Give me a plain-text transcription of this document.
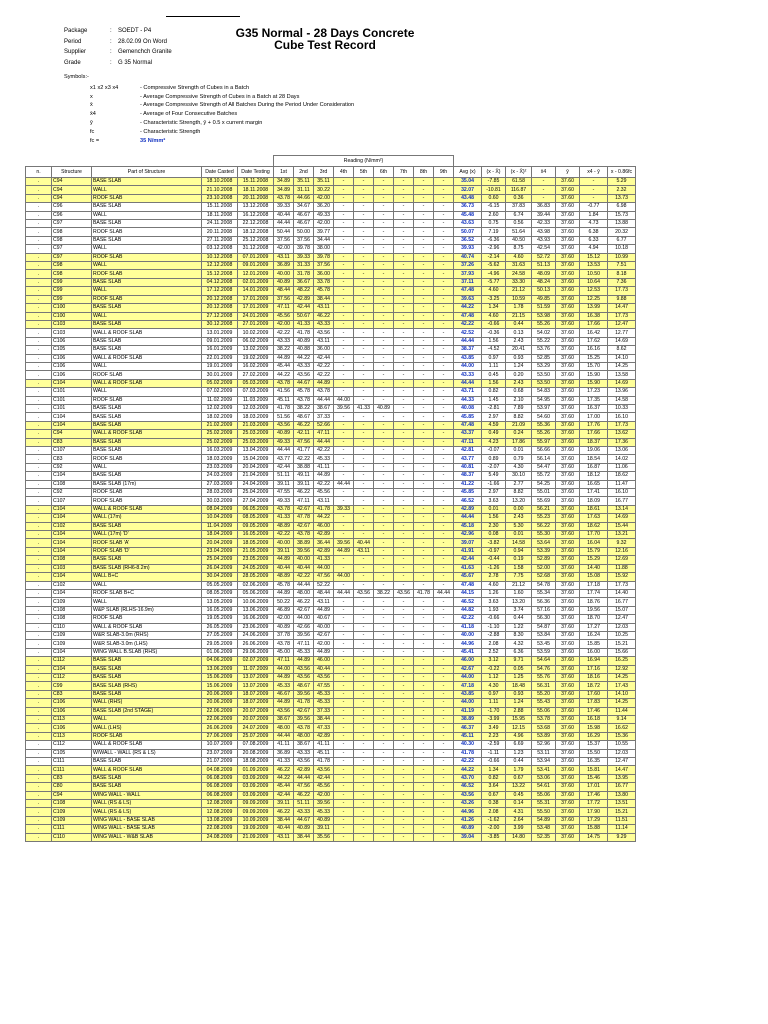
Package	:	SOEDT - P4
Period	:	28.02.09 On Word
Supplier	:	Gemenchch Granite
Grade	:	G 35 Normal
G35 Normal - 28 Days Concrete
Cube Test Record
Symbols:-
x1 x2 x3 x4	- Compressive Strength of Cubes in a Batch
x	- Average Compressive Strength of Cubes in a Batch at 28 Days
x̄	- Average Compressive Strength of All Batches During the Period Under Consideration
x̄4	- Average of Four Consecutive Batches
ŷ	- Characteristic Strength, ŷ + 0.5 x current margin
fc	- Characteristic Strength
fc =	35 N/mm²
					Reading (N/mm²)															
n.	Structure	Part of Structure	Date Casted	Date Testing	1st	2nd	3rd	4th	5th	6th	7th	8th	9th	Avg (x)	(x - X̄)	(x - X̄)²	x̄4	ŷ	x4 - ŷ	x - 0.86fc
.	C94	BASE SLAB	18.10.2008	15.11.2008	34.89	35.11	35.11	-	-	-	-	-	-	35.04	-7.85	61.58	-	37.60	-	5.29
.	C94	WALL	21.10.2008	18.11.2008	34.89	31.11	30.22	-	-	-	-	-	-	32.07	-10.81	116.87	-	37.60	-	2.32
.	C94	ROOF SLAB	23.10.2008	20.11.2008	43.78	44.66	42.00	-	-	-	-	-	-	43.48	0.60	0.36	-	37.60	-	13.73
.	C96	BASE SLAB	15.11.2008	13.12.2008	39.33	34.67	36.20	-	-	-	-	-	-	36.73	-6.15	37.83	36.83	37.60	-0.77	6.98
.	C96	WALL	18.11.2008	16.12.2008	40.44	46.67	49.33	-	-	-	-	-	-	45.48	2.60	6.74	39.44	37.60	1.84	15.73
.	C97	BASE SLAB	24.11.2008	22.12.2008	44.44	46.67	42.00	-	-	-	-	-	-	43.63	0.75	0.56	42.33	37.60	4.73	13.88
.	C98	ROOF SLAB	20.11.2008	18.12.2008	50.44	50.00	39.77	-	-	-	-	-	-	50.07	7.19	51.64	43.98	37.60	6.38	20.32
.	C98	BASE SLAB	27.11.2008	25.12.2008	37.56	37.56	34.44	-	-	-	-	-	-	36.52	-6.36	40.50	43.93	37.60	6.33	6.77
.	C97	WALL	03.12.2008	31.12.2008	42.00	39.78	38.00	-	-	-	-	-	-	39.93	-2.96	8.75	42.54	37.60	4.94	10.18
.	C97	ROOF SLAB	10.12.2008	07.01.2009	43.11	39.33	39.78	-	-	-	-	-	-	40.74	-2.14	4.60	52.72	37.60	15.12	10.99
.	C98	WALL	12.12.2008	09.01.2009	36.89	31.33	37.56	-	-	-	-	-	-	37.26	-5.62	31.63	51.13	37.60	13.53	7.51
.	C98	ROOF SLAB	15.12.2008	12.01.2009	40.00	31.78	36.00	-	-	-	-	-	-	37.93	-4.96	24.58	48.09	37.60	10.50	8.18
.	C99	BASE SLAB	04.12.2008	02.01.2009	40.89	36.67	33.78	-	-	-	-	-	-	37.11	-5.77	33.30	48.24	37.60	10.64	7.36
.	C99	WALL	17.12.2008	14.01.2009	48.44	48.22	45.78	-	-	-	-	-	-	47.48	4.60	21.12	50.13	37.60	12.53	17.73
.	C99	ROOF SLAB	20.12.2008	17.01.2009	37.56	42.89	38.44	-	-	-	-	-	-	39.63	-3.25	10.59	49.85	37.60	12.25	9.88
.	C100	BASE SLAB	20.12.2008	17.01.2009	47.11	42.44	43.11	-	-	-	-	-	-	44.22	1.34	1.78	51.59	37.60	13.99	14.47
.	C100	WALL	27.12.2008	24.01.2009	45.56	50.67	46.22	-	-	-	-	-	-	47.48	4.60	21.15	53.98	37.60	16.38	17.73
.	C103	BASE SLAB	30.12.2008	27.01.2009	42.00	41.33	43.33	-	-	-	-	-	-	42.22	-0.66	0.44	55.26	37.60	17.66	12.47
.	C103	WALL & ROOF SLAB	13.01.2009	10.02.2009	42.22	41.78	43.56	-	-	-	-	-	-	42.52	-0.36	0.13	54.02	37.60	16.42	12.77
.	C106	BASE SLAB	09.01.2009	06.02.2009	43.33	40.89	43.11	-	-	-	-	-	-	44.44	1.56	2.43	55.22	37.60	17.62	14.69
.	C105	BASE SLAB	16.01.2009	13.02.2009	38.22	40.88	36.00	-	-	-	-	-	-	38.37	-4.52	20.41	53.76	37.60	16.16	8.62
.	C106	WALL & ROOF SLAB	22.01.2009	19.02.2009	44.89	44.22	42.44	-	-	-	-	-	-	43.85	0.97	0.93	52.85	37.60	15.25	14.10
.	C106	WALL	19.01.2009	16.02.2009	45.44	43.33	42.22	-	-	-	-	-	-	44.00	1.11	1.24	53.29	37.60	15.70	14.25
.	C106	ROOF SLAB	30.01.2009	27.02.2009	44.22	43.56	42.22	-	-	-	-	-	-	43.33	0.45	0.20	53.50	37.60	15.90	13.58
.	C104	WALL & ROOF SLAB	05.02.2009	05.03.2009	43.78	44.67	44.89	-	-	-	-	-	-	44.44	1.56	2.43	53.50	37.60	15.90	14.69
.	C101	WALL	07.02.2009	07.03.2009	41.56	45.78	43.78	-	-	-	-	-	-	43.71	0.82	0.68	54.83	37.60	17.23	13.96
.	C101	ROOF SLAB	11.02.2009	11.03.2009	45.11	43.78	44.44	44.00	-	-	-	-	-	44.33	1.45	2.10	54.95	37.60	17.35	14.58
.	C101	BASE SLAB	12.02.2009	12.03.2009	41.78	38.22	38.67	39.56	41.33	40.89	-	-	-	40.08	-2.81	7.89	53.97	37.60	16.37	10.33
.	C104	BASE SLAB	18.02.2009	18.03.2009	51.56	48.67	37.33	-	-	-	-	-	-	45.85	2.97	8.82	54.60	37.60	17.00	16.10
.	C104	BASE SLAB	21.02.2009	21.03.2009	43.56	46.22	52.66	-	-	-	-	-	-	47.48	4.59	21.09	55.36	37.60	17.76	17.73
.	C94	WALL & ROOF SLAB	25.02.2009	25.03.2009	40.89	42.11	47.11	-	-	-	-	-	-	43.37	0.49	0.24	55.26	37.60	17.66	13.62
.	C83	BASE SLAB	25.02.2009	25.03.2009	49.33	47.56	44.44	-	-	-	-	-	-	47.11	4.23	17.86	55.97	37.60	18.37	17.36
.	C107	BASE SLAB	16.03.2009	13.04.2009	44.44	41.77	42.22	-	-	-	-	-	-	42.81	-0.07	0.01	56.66	37.60	19.06	13.06
.	C83	ROOF SLAB	18.03.2009	15.04.2009	43.77	42.22	45.33	-	-	-	-	-	-	43.77	0.89	0.79	56.14	37.60	18.54	14.02
.	C92	WALL	23.03.2009	20.04.2009	42.44	38.88	41.11	-	-	-	-	-	-	40.81	-2.07	4.30	54.47	37.60	16.87	11.06
.	C104	BASE SLAB	24.03.2009	21.04.2009	51.11	49.11	44.89	-	-	-	-	-	-	48.37	5.49	30.10	55.72	37.60	18.12	18.62
.	C108	BASE SLAB (17m)	27.03.2009	24.04.2009	39.11	39.11	42.22	44.44	-	-	-	-	-	41.22	-1.66	2.77	54.25	37.60	16.65	11.47
.	C92	ROOF SLAB	28.03.2009	25.04.2009	47.55	46.22	45.56	-	-	-	-	-	-	45.85	2.97	8.82	55.01	37.60	17.41	16.10
.	C107	ROOF SLAB	30.03.2009	27.04.2009	49.33	47.11	43.11	-	-	-	-	-	-	46.52	3.63	13.20	55.69	37.60	18.09	16.77
.	C104	WALL & ROOF SLAB	08.04.2009	06.05.2009	43.78	42.67	41.78	39.33	-	-	-	-	-	42.89	0.01	0.00	56.21	37.60	18.61	13.14
.	C104	WALL (17m)	10.04.2009	08.05.2009	41.33	47.78	44.22	-	-	-	-	-	-	44.44	1.56	2.43	55.23	37.60	17.63	14.69
.	C102	BASE SLAB	11.04.2009	09.05.2009	48.89	42.67	46.00	-	-	-	-	-	-	45.18	2.30	5.30	56.22	37.60	18.62	15.44
.	C104	WALL (17m) 'D'	18.04.2009	16.05.2009	42.22	43.78	42.89	-	-	-	-	-	-	42.96	0.08	0.01	55.30	37.60	17.70	13.21
.	C104	ROOF SLAB 'A'	20.04.2009	18.05.2009	40.00	38.89	36.44	39.56	40.44	-	-	-	-	39.07	-3.82	14.58	53.64	37.60	16.04	9.32
.	C104	ROOF SLAB 'D'	23.04.2009	21.05.2009	39.11	39.56	42.89	44.89	43.11	-	-	-	-	41.91	-0.97	0.94	53.39	37.60	15.79	12.16
.	C108	BASE SLAB	25.04.2009	23.05.2009	44.89	40.00	41.33	-	-	-	-	-	-	42.44	-0.44	0.19	52.89	37.60	15.29	12.69
.	C103	BASE SLAB (RH6-8.2m)	26.04.2009	24.05.2009	40.44	40.44	44.00	-	-	-	-	-	-	41.63	-1.26	1.58	52.00	37.60	14.40	11.88
.	C104	WALL B+C	30.04.2009	28.05.2009	48.89	42.22	47.56	44.00	-	-	-	-	-	45.67	2.78	7.75	52.68	37.60	15.08	15.92
.	C102	WALL	05.05.2009	02.06.2009	45.78	44.44	52.22	-	-	-	-	-	-	47.48	4.60	21.12	54.78	37.60	17.18	17.73
.	C104	ROOF SLAB B+C	08.05.2009	05.06.2009	44.89	48.00	48.44	44.44	43.56	38.22	43.56	41.78	44.44	44.15	1.26	1.60	55.34	37.60	17.74	14.40
.	C109	WALL	13.05.2009	10.06.2009	50.22	46.22	43.11	-	-	-	-	-	-	46.52	3.63	13.20	56.36	37.60	18.76	16.77
.	C108	W&P SLAB (RLHS-16.9m)	16.05.2009	13.06.2009	46.89	42.67	44.89	-	-	-	-	-	-	44.82	1.93	3.74	57.16	37.60	19.56	15.07
.	C108	ROOF SLAB	19.05.2009	16.06.2009	42.00	44.00	40.67	-	-	-	-	-	-	42.22	-0.66	0.44	56.30	37.60	18.70	12.47
.	C110	WALL & ROOF SLAB	26.05.2009	23.06.2009	40.89	42.66	40.00	-	-	-	-	-	-	41.18	-1.10	1.22	54.87	37.60	17.27	12.03
.	C109	W&R SLAB-3.0m (RHS)	27.05.2009	24.06.2009	37.78	39.56	42.67	-	-	-	-	-	-	40.00	-2.88	8.30	53.84	37.60	16.24	10.25
.	C109	W&R SLAB-3.0m (LHS)	29.05.2009	26.06.2009	43.78	47.11	42.00	-	-	-	-	-	-	44.96	2.08	4.32	53.45	37.60	15.85	15.21
.	C104	WING WALL B.SLAB (RHS)	01.06.2009	29.06.2009	45.00	45.33	44.89	-	-	-	-	-	-	45.41	2.52	6.36	53.59	37.60	16.00	15.66
.	C112	BASE SLAB	04.06.2009	02.07.2009	47.11	44.89	46.00	-	-	-	-	-	-	46.00	3.12	9.71	54.64	37.60	16.94	16.25
.	C104	BASE SLAB	13.06.2009	11.07.2009	44.00	43.56	40.44	-	-	-	-	-	-	42.67	-0.22	0.05	54.76	37.60	17.16	12.92
.	C112	BASE SLAB	15.06.2009	13.07.2009	44.89	43.56	43.56	-	-	-	-	-	-	44.00	1.12	1.25	55.76	37.60	18.16	14.25
.	C99	BASE SLAB (RHS)	15.06.2009	13.07.2009	45.33	48.67	47.55	-	-	-	-	-	-	47.18	4.30	18.48	56.31	37.60	18.72	17.43
.	C83	BASE SLAB	20.06.2009	18.07.2009	46.67	39.56	45.33	-	-	-	-	-	-	43.85	0.97	0.93	55.20	37.60	17.60	14.10
.	C106	WALL (RHS)	20.06.2009	18.07.2009	44.89	41.78	45.33	-	-	-	-	-	-	44.00	1.11	1.24	55.43	37.60	17.83	14.25
.	C106	BASE SLAB (2nd STAGE)	22.06.2009	20.07.2009	43.56	42.67	37.33	-	-	-	-	-	-	41.19	-1.70	2.88	55.06	37.60	17.46	11.44
.	C113	WALL	22.06.2009	20.07.2009	38.67	39.56	38.44	-	-	-	-	-	-	38.89	-3.99	15.95	53.78	37.60	16.18	9.14
.	C106	WALL (LHS)	26.06.2009	24.07.2009	48.00	43.78	47.33	-	-	-	-	-	-	46.37	3.49	12.15	53.68	37.60	15.98	16.62
.	C113	ROOF SLAB	27.06.2009	25.07.2009	44.44	48.00	42.89	-	-	-	-	-	-	45.11	2.23	4.96	53.89	37.60	16.29	15.36
.	C112	WALL & ROOF SLAB	10.07.2009	07.08.2009	41.11	38.67	41.11	-	-	-	-	-	-	40.30	-2.59	6.69	52.96	37.60	15.37	10.55
.	C105	W/WALL - WALL (RS & LS)	23.07.2009	20.08.2009	36.89	43.33	45.11	-	-	-	-	-	-	41.78	-1.11	1.23	53.11	37.60	15.50	12.03
.	C111	BASE SLAB	21.07.2009	18.08.2009	41.33	43.56	41.78	-	-	-	-	-	-	42.22	-0.66	0.44	53.94	37.60	16.35	12.47
.	C111	WALL & ROOF SLAB	04.08.2009	01.09.2009	46.22	42.89	43.56	-	-	-	-	-	-	44.22	1.34	1.79	53.41	37.60	15.81	14.47
.	C83	BASE SLAB	06.08.2009	03.09.2009	44.22	44.44	42.44	-	-	-	-	-	-	43.70	0.82	0.67	53.06	37.60	15.46	13.95
.	C80	BASE SLAB	06.08.2009	03.09.2009	45.44	47.56	45.56	-	-	-	-	-	-	46.52	3.64	13.22	54.61	37.60	17.01	16.77
.	C94	WING WALL - WALL	06.08.2009	03.09.2009	42.44	46.22	42.00	-	-	-	-	-	-	43.56	0.67	0.45	55.06	37.60	17.46	13.80
.	C108	WALL (RS & LS)	12.08.2009	09.09.2009	39.11	51.11	39.56	-	-	-	-	-	-	43.26	0.38	0.14	55.31	37.60	17.72	13.51
.	C109	WALL (RS & LS)	12.08.2009	09.09.2009	46.22	43.33	45.33	-	-	-	-	-	-	44.96	2.08	4.31	55.50	37.60	17.90	15.21
.	C109	WING WALL - BASE SLAB	13.08.2009	10.09.2009	38.44	44.67	40.89	-	-	-	-	-	-	41.26	-1.62	2.64	54.89	37.60	17.29	11.51
.	C111	WING WALL - BASE SLAB	22.08.2009	19.09.2009	40.44	40.89	39.11	-	-	-	-	-	-	40.89	-2.00	3.99	53.48	37.60	15.88	11.14
.	C110	WING WALL - W&B SLAB	24.08.2009	21.09.2009	43.11	38.44	35.56	-	-	-	-	-	-	39.04	-3.85	14.80	52.35	37.60	14.75	9.29
